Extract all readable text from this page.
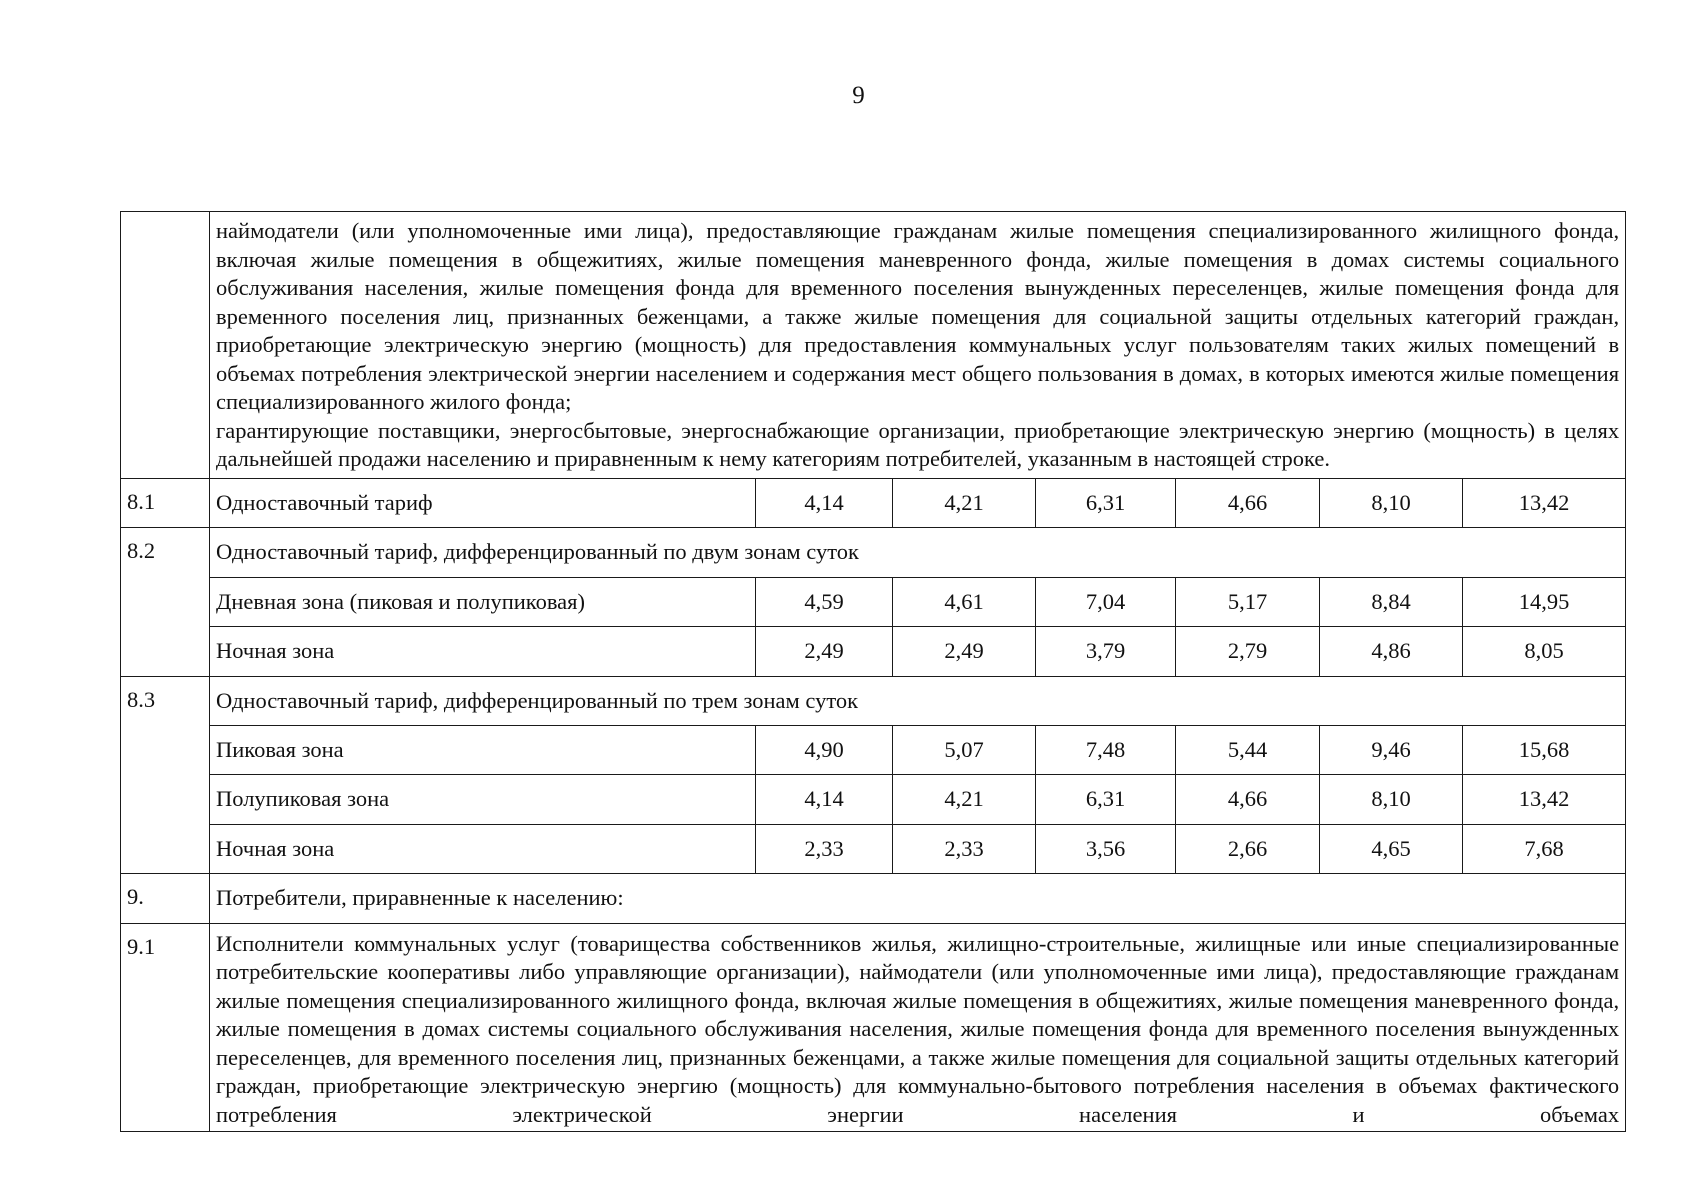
9

	наймодатели (или уполномоченные ими лица), предоставляющие гражданам жилые помещения специализированного жилищного фонда, включая жилые помещения в общежитиях, жилые помещения маневренного фонда, жилые помещения в домах системы социального обслуживания населения, жилые помещения фонда для временного поселения вынужденных переселенцев, жилые помещения фонда для временного поселения лиц, признанных беженцами, а также жилые помещения для социальной защиты отдельных категорий граждан, приобретающие электрическую энергию (мощность) для предоставления коммунальных услуг пользователям таких жилых помещений в объемах потребления электрической энергии населением и содержания мест общего пользования в домах, в которых имеются жилые помещения специализированного жилого фонда;
гарантирующие поставщики, энергосбытовые, энергоснабжающие организации, приобретающие электрическую энергию (мощность) в целях дальнейшей продажи населению и приравненным к нему категориям потребителей, указанным в настоящей строке.						

8.1	Одноставочный тариф	4,14	4,21	6,31	4,66	8,10	13,42
8.2	Одноставочный тариф, дифференцированный по двум зонам суток						
	Дневная зона (пиковая и полупиковая)	4,59	4,61	7,04	5,17	8,84	14,95
	Ночная зона	2,49	2,49	3,79	2,79	4,86	8,05
8.3	Одноставочный тариф, дифференцированный по трем зонам суток						
	Пиковая зона	4,90	5,07	7,48	5,44	9,46	15,68
	Полупиковая зона	4,14	4,21	6,31	4,66	8,10	13,42
	Ночная зона	2,33	2,33	3,56	2,66	4,65	7,68
9.	Потребители, приравненные к населению:						
9.1	Исполнители коммунальных услуг (товарищества собственников жилья, жилищно-строительные, жилищные или иные специализированные потребительские кооперативы либо управляющие организации), наймодатели (или уполномоченные ими лица), предоставляющие гражданам жилые помещения специализированного жилищного фонда, включая жилые помещения в общежитиях, жилые помещения маневренного фонда, жилые помещения в домах системы социального обслуживания населения, жилые помещения фонда для временного поселения вынужденных переселенцев, для временного поселения лиц, признанных беженцами, а также жилые помещения для социальной защиты отдельных категорий граждан, приобретающие электрическую энергию (мощность) для коммунально-бытового потребления населения в объемах фактического потребления электрической энергии населения и объемах						
